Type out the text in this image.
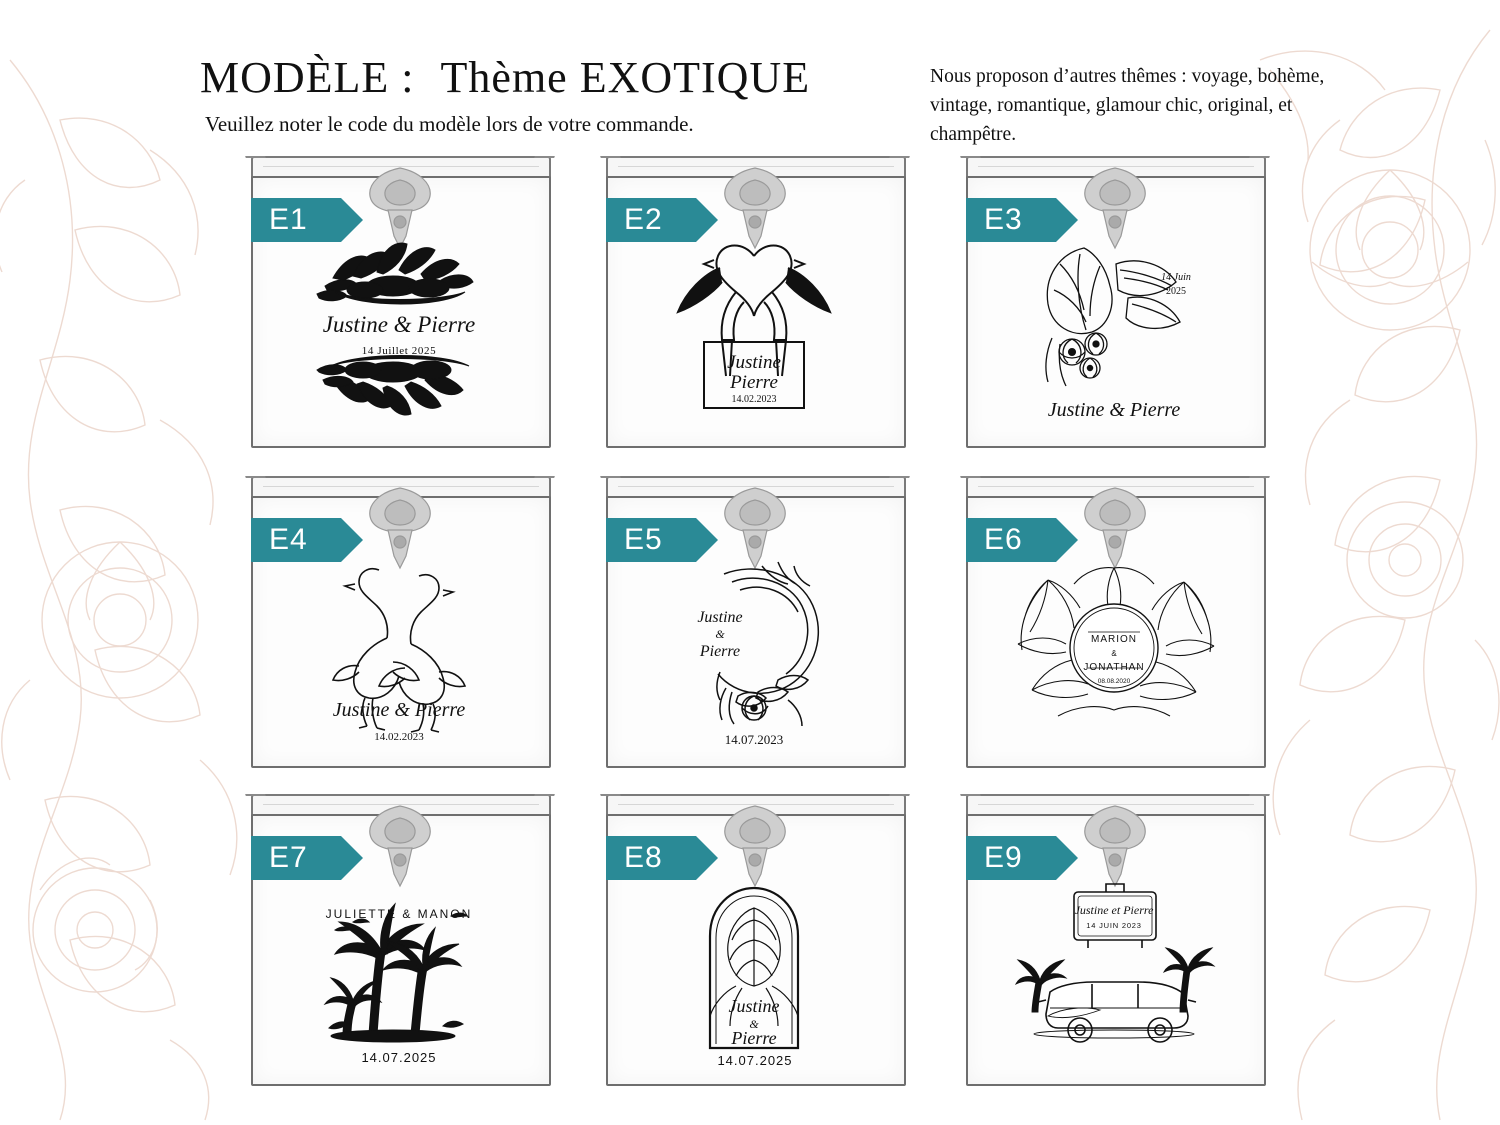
MODÈLE : Thème EXOTIQUE
Veuillez noter le code du modèle lors de votre commande.
Nous proposon d’autres thêmes : voyage, bohème, vintage, romantique, glamour chic, original, et champêtre.
E1
Justine & Pierre
14 Juillet 2025
E2
Justine
Pierre
14.02.2023
E3
14 Juin
2025
Justine & Pierre
E4
Justine & Pierre
14.02.2023
E5
Justine
&
Pierre
14.07.2023
E6
MARION
&
JONATHAN
08.08.2020
E7
JULIETTE & MANON
14.07.2025
E8
Justine
&
Pierre
14.07.2025
E9
Justine et Pierre
14 JUIN 2023
